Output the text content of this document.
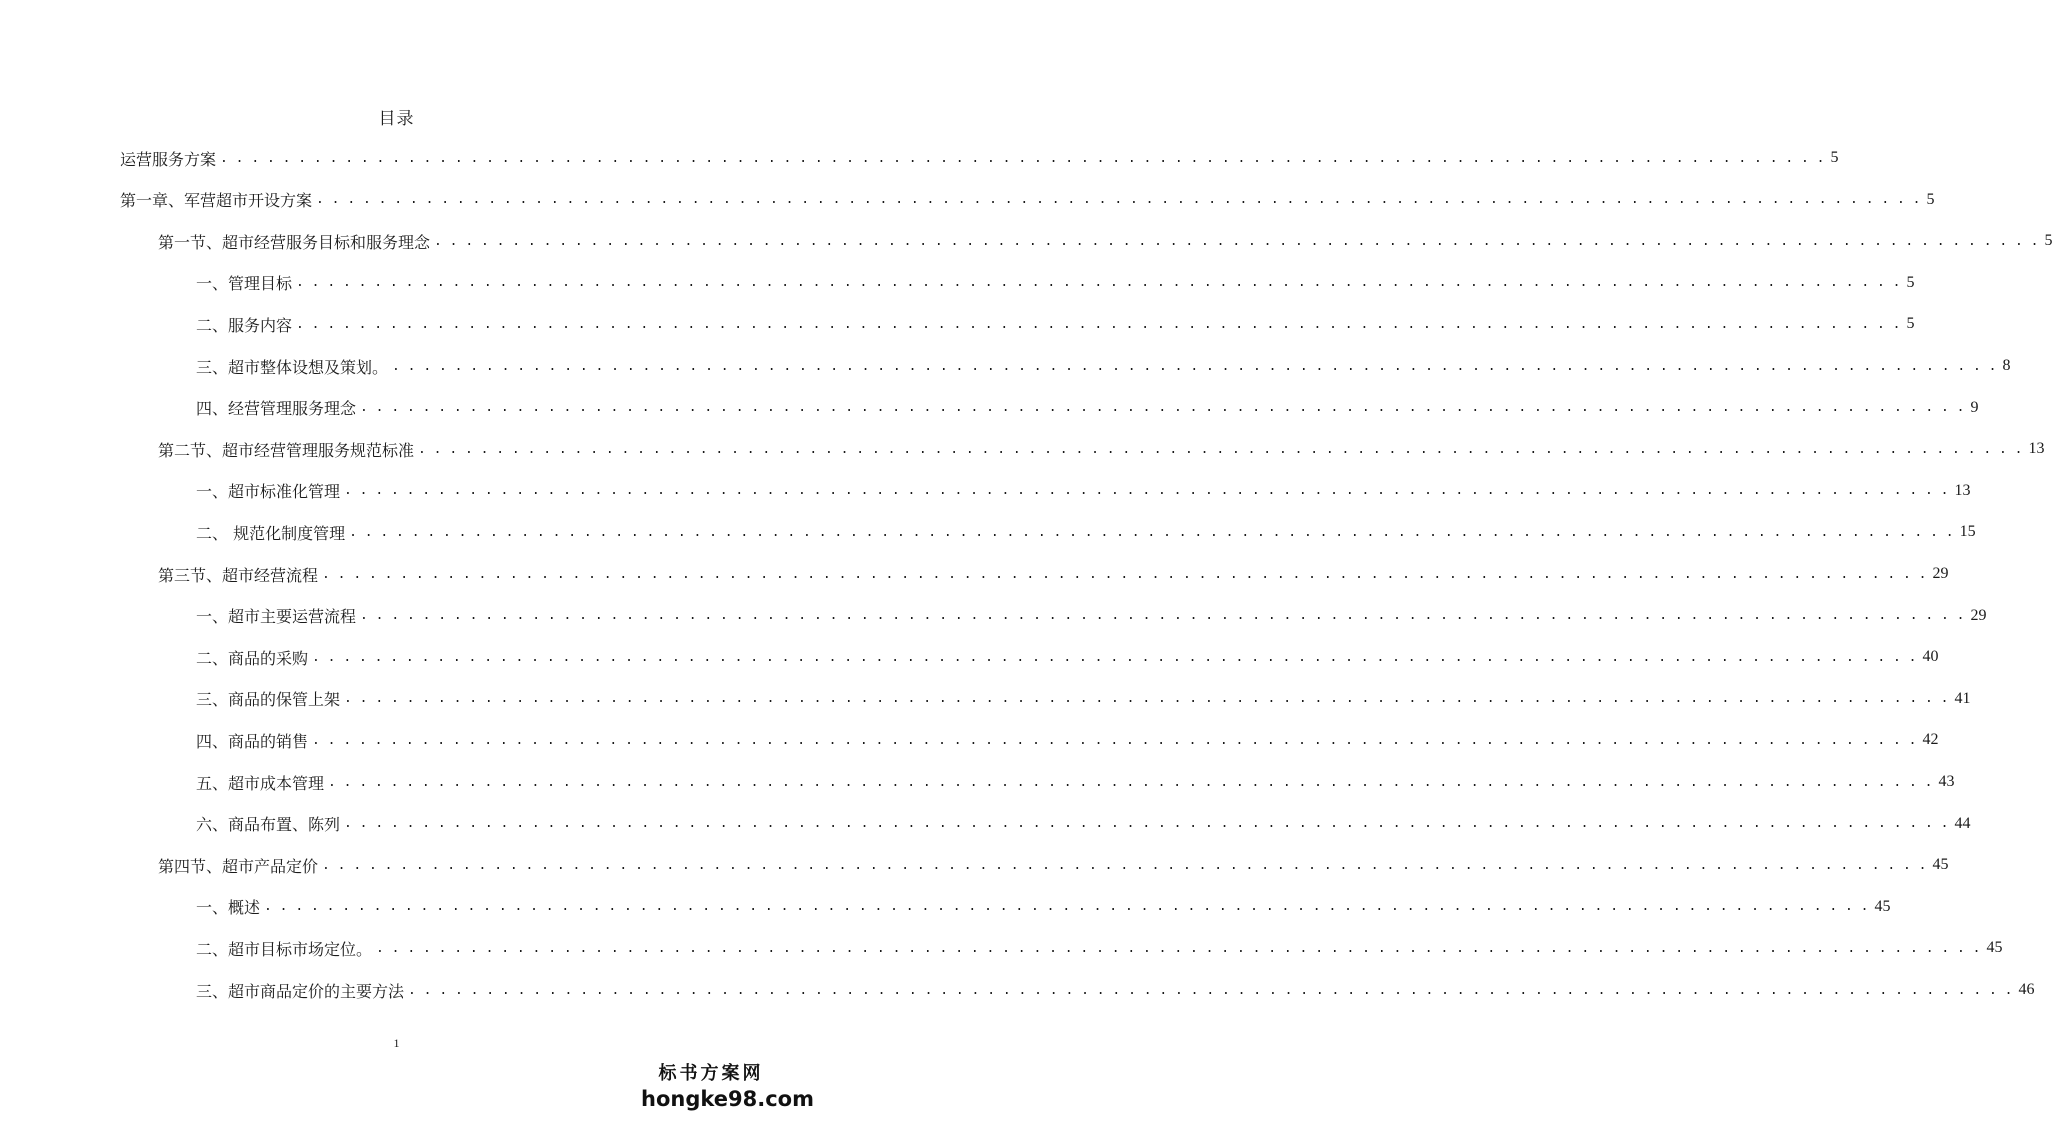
目录
运营服务方案 . . .	5
第一章、军营超市开设方案 . . .	5
第一节、超市经营服务目标和服务理念 . . .	5
一、管理目标 . . .	5
二、服务内容 . . .	5
三、超市整体设想及策划。 . . .	8
四、经营管理服务理念 . . .	9
第二节、超市经营管理服务规范标准 . . .	13
一、超市标准化管理 . . .	13
二、 规范化制度管理 . . .	15
第三节、超市经营流程 . . .	29
一、超市主要运营流程 . . .	29
二、商品的采购 . . .	40
三、商品的保管上架 . . .	41
四、商品的销售 . . .	42
五、超市成本管理 . . .	43
六、商品布置、陈列 . . .	44
第四节、超市产品定价 . . .	45
一、概述 . . .	45
二、超市目标市场定位。 . . .	45
三、超市商品定价的主要方法 . . .	46
1
标书方案网
hongke98.com
